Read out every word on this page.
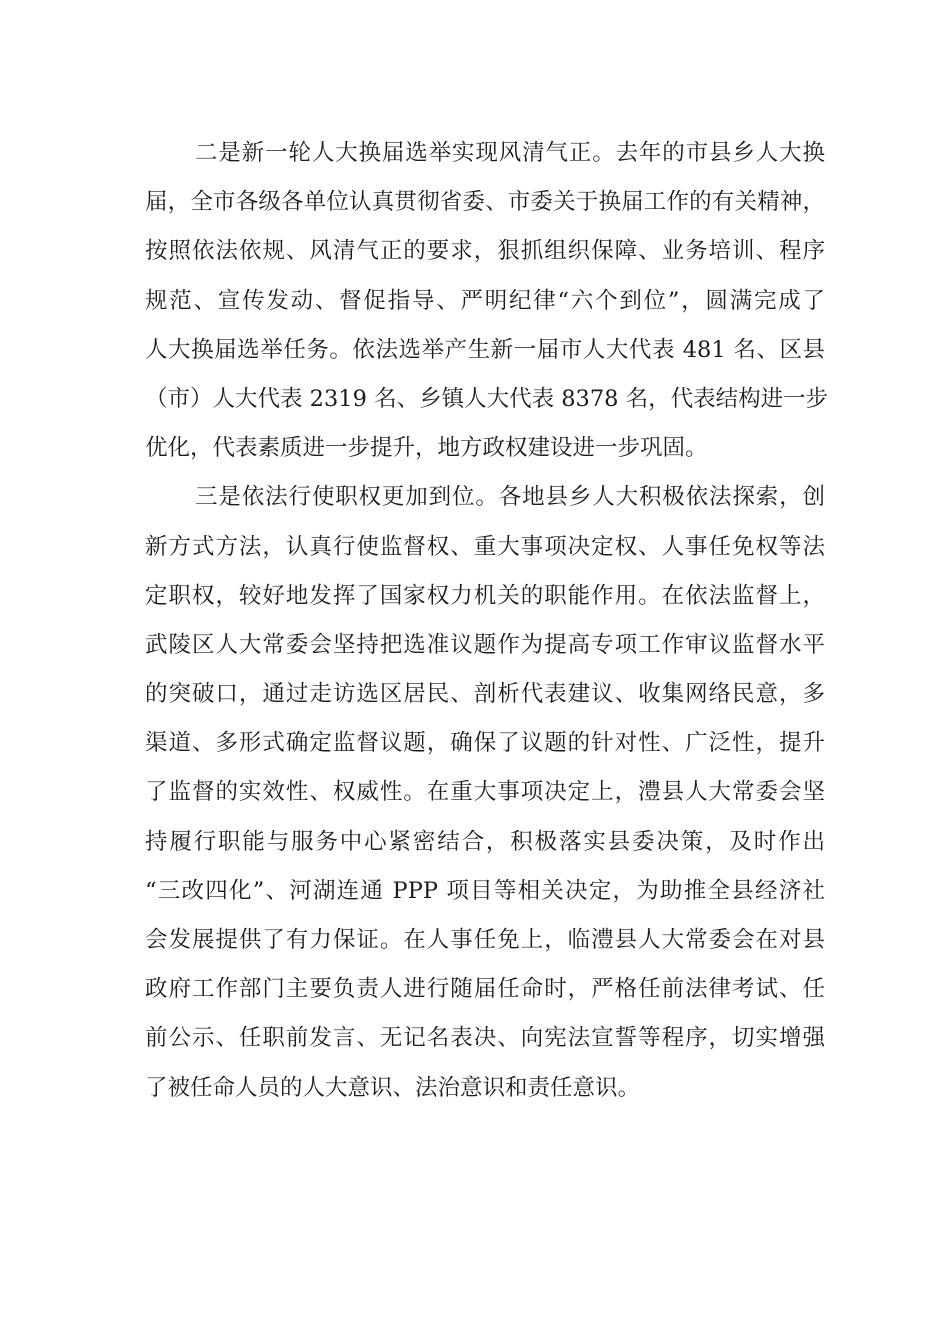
二是新一轮人大换届选举实现风清气正。去年的市县乡人大换
届，全市各级各单位认真贯彻省委、市委关于换届工作的有关精神，
按照依法依规、风清气正的要求，狠抓组织保障、业务培训、程序
规范、宣传发动、督促指导、严明纪律“六个到位”，圆满完成了
人大换届选举任务。依法选举产生新一届市人大代表 481 名、区县
（市）人大代表 2319 名、乡镇人大代表 8378 名，代表结构进一步
优化，代表素质进一步提升，地方政权建设进一步巩固。
三是依法行使职权更加到位。各地县乡人大积极依法探索，创
新方式方法，认真行使监督权、重大事项决定权、人事任免权等法
定职权，较好地发挥了国家权力机关的职能作用。在依法监督上，
武陵区人大常委会坚持把选准议题作为提高专项工作审议监督水平
的突破口，通过走访选区居民、剖析代表建议、收集网络民意，多
渠道、多形式确定监督议题，确保了议题的针对性、广泛性，提升
了监督的实效性、权威性。在重大事项决定上，澧县人大常委会坚
持履行职能与服务中心紧密结合，积极落实县委决策，及时作出
“三改四化”、河湖连通 PPP 项目等相关决定，为助推全县经济社
会发展提供了有力保证。在人事任免上，临澧县人大常委会在对县
政府工作部门主要负责人进行随届任命时，严格任前法律考试、任
前公示、任职前发言、无记名表决、向宪法宣誓等程序，切实增强
了被任命人员的人大意识、法治意识和责任意识。
